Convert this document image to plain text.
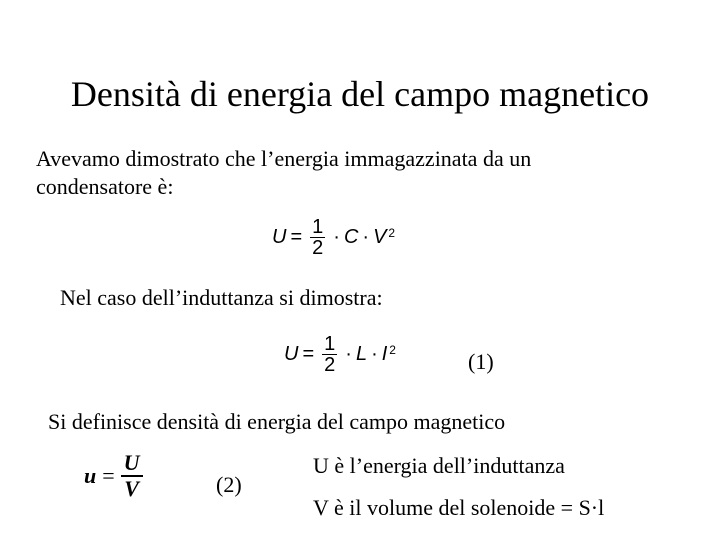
Densità di energia del campo magnetico
Avevamo dimostrato che l’energia immagazzinata da un
condensatore è:
$U = \frac{1}{2} \cdot C \cdot V^2$
Nel caso dell’induttanza si dimostra:
$U = \frac{1}{2} \cdot L \cdot I^2$	(1)
Si definisce densità di energia del campo magnetico
$u = \frac{U}{V}$	(2)
U è l’energia dell’induttanza
V è il volume del solenoide = S·l
